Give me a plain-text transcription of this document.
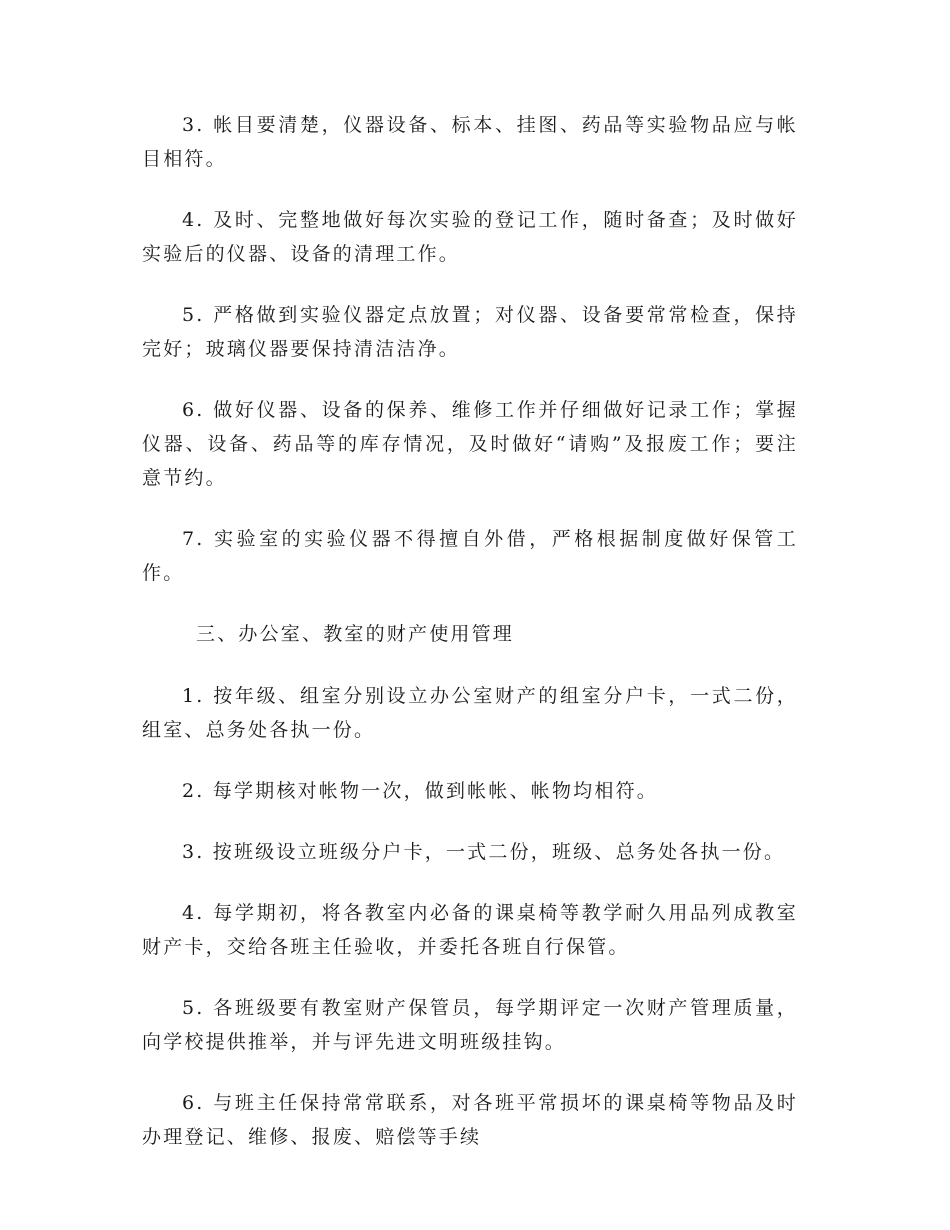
3. 帐目要清楚，仪器设备、标本、挂图、药品等实验物品应与帐目相符。

4. 及时、完整地做好每次实验的登记工作，随时备查；及时做好实验后的仪器、设备的清理工作。

5. 严格做到实验仪器定点放置；对仪器、设备要常常检查，保持完好；玻璃仪器要保持清洁洁净。

6. 做好仪器、设备的保养、维修工作并仔细做好记录工作；掌握仪器、设备、药品等的库存情况，及时做好“请购”及报废工作；要注意节约。

7. 实验室的实验仪器不得擅自外借，严格根据制度做好保管工作。

三、办公室、教室的财产使用管理

1. 按年级、组室分别设立办公室财产的组室分户卡，一式二份，组室、总务处各执一份。

2. 每学期核对帐物一次，做到帐帐、帐物均相符。

3. 按班级设立班级分户卡，一式二份，班级、总务处各执一份。

4. 每学期初，将各教室内必备的课桌椅等教学耐久用品列成教室财产卡，交给各班主任验收，并委托各班自行保管。

5. 各班级要有教室财产保管员，每学期评定一次财产管理质量，向学校提供推举，并与评先进文明班级挂钩。

6. 与班主任保持常常联系，对各班平常损坏的课桌椅等物品及时办理登记、维修、报废、赔偿等手续
